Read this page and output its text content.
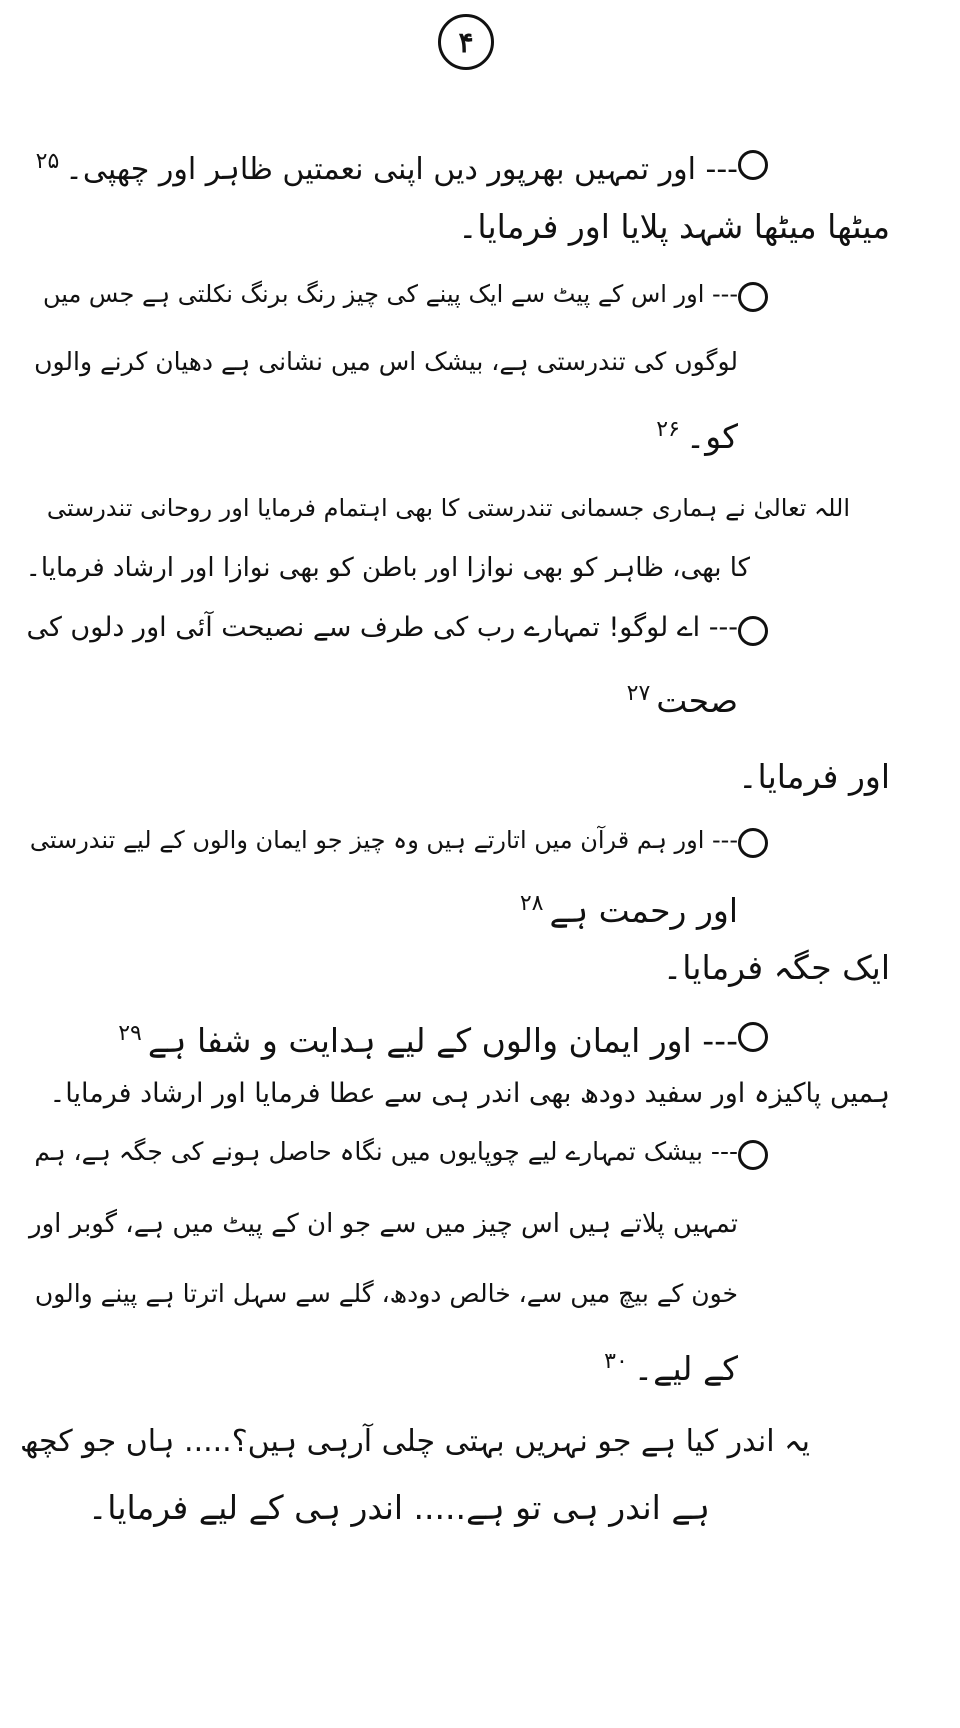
۴
--- اور تمہیں بھرپور دیں اپنی نعمتیں ظاہر اور چھپی۔$^{۲۵}$
میٹھا میٹھا شہد پلایا اور فرمایا۔
--- اور اس کے پیٹ سے ایک پینے کی چیز رنگ برنگ نکلتی ہے جس میں
لوگوں کی تندرستی ہے، بیشک اس میں نشانی ہے دھیان کرنے والوں
کو۔$^{۲۶}$
اللہ تعالیٰ نے ہماری جسمانی تندرستی کا بھی اہتمام فرمایا اور روحانی تندرستی
کا بھی، ظاہر کو بھی نوازا اور باطن کو بھی نوازا اور ارشاد فرمایا۔
--- اے لوگو! تمہارے رب کی طرف سے نصیحت آئی اور دلوں کی
صحت$^{۲۷}$
اور فرمایا۔
--- اور ہم قرآن میں اتارتے ہیں وہ چیز جو ایمان والوں کے لیے تندرستی
اور رحمت ہے$^{۲۸}$
ایک جگہ فرمایا۔
--- اور ایمان والوں کے لیے ہدایت و شفا ہے$^{۲۹}$
ہمیں پاکیزہ اور سفید دودھ بھی اندر ہی سے عطا فرمایا اور ارشاد فرمایا۔
--- بیشک تمہارے لیے چوپایوں میں نگاہ حاصل ہونے کی جگہ ہے، ہم
تمہیں پلاتے ہیں اس چیز میں سے جو ان کے پیٹ میں ہے، گوبر اور
خون کے بیچ میں سے، خالص دودھ، گلے سے سہل اترتا ہے پینے والوں
کے لیے۔$^{۳۰}$
یہ اندر کیا ہے جو نہریں بہتی چلی آرہی ہیں؟..... ہاں جو کچھ
ہے اندر ہی تو ہے..... اندر ہی کے لیے فرمایا۔
